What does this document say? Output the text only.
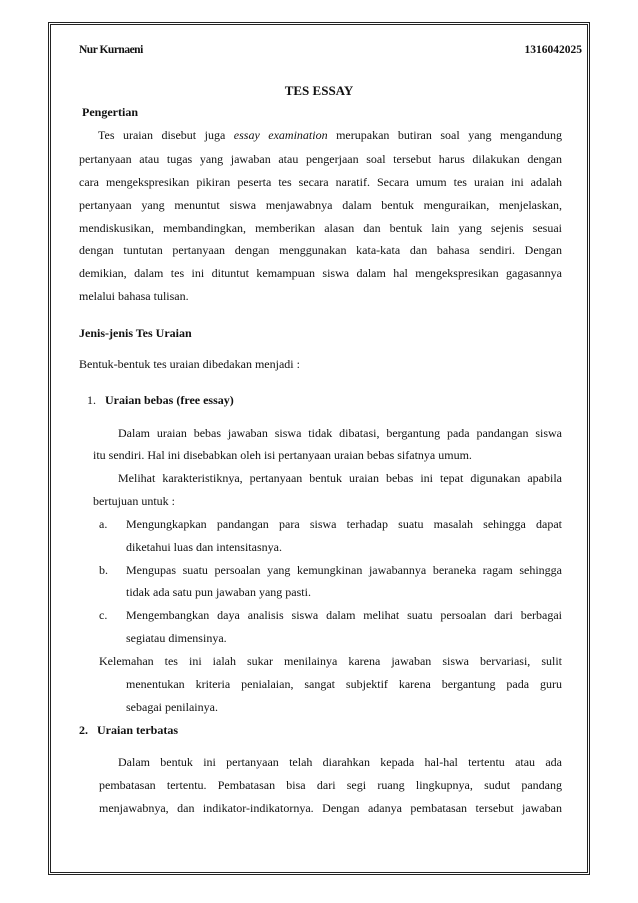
Nur Kurnaeni	1316042025
TES ESSAY
Pengertian
Tes uraian disebut juga essay examination merupakan butiran soal yang mengandung
pertanyaan atau tugas yang jawaban atau pengerjaan soal tersebut harus dilakukan dengan
cara mengekspresikan pikiran peserta tes secara naratif. Secara umum tes uraian ini adalah
pertanyaan yang menuntut siswa menjawabnya dalam bentuk menguraikan, menjelaskan,
mendiskusikan, membandingkan, memberikan alasan dan bentuk lain yang sejenis sesuai
dengan tuntutan pertanyaan dengan menggunakan kata-kata dan bahasa sendiri. Dengan
demikian, dalam tes ini dituntut kemampuan siswa dalam hal mengekspresikan gagasannya
melalui bahasa tulisan.
Jenis-jenis Tes Uraian
Bentuk-bentuk tes uraian dibedakan menjadi :
1. Uraian bebas (free essay)
Dalam uraian bebas jawaban siswa tidak dibatasi, bergantung pada pandangan siswa
itu sendiri. Hal ini disebabkan oleh isi pertanyaan uraian bebas sifatnya umum.
Melihat karakteristiknya, pertanyaan bentuk uraian bebas ini tepat digunakan apabila
bertujuan untuk :
a. Mengungkapkan pandangan para siswa terhadap suatu masalah sehingga dapat
diketahui luas dan intensitasnya.
b. Mengupas suatu persoalan yang kemungkinan jawabannya beraneka ragam sehingga
tidak ada satu pun jawaban yang pasti.
c. Mengembangkan daya analisis siswa dalam melihat suatu persoalan dari berbagai
segiatau dimensinya.
Kelemahan tes ini ialah sukar menilainya karena jawaban siswa bervariasi, sulit
menentukan kriteria penialaian, sangat subjektif karena bergantung pada guru
sebagai penilainya.
2. Uraian terbatas
Dalam bentuk ini pertanyaan telah diarahkan kepada hal-hal tertentu atau ada
pembatasan tertentu. Pembatasan bisa dari segi ruang lingkupnya, sudut pandang
menjawabnya, dan indikator-indikatornya. Dengan adanya pembatasan tersebut jawaban
